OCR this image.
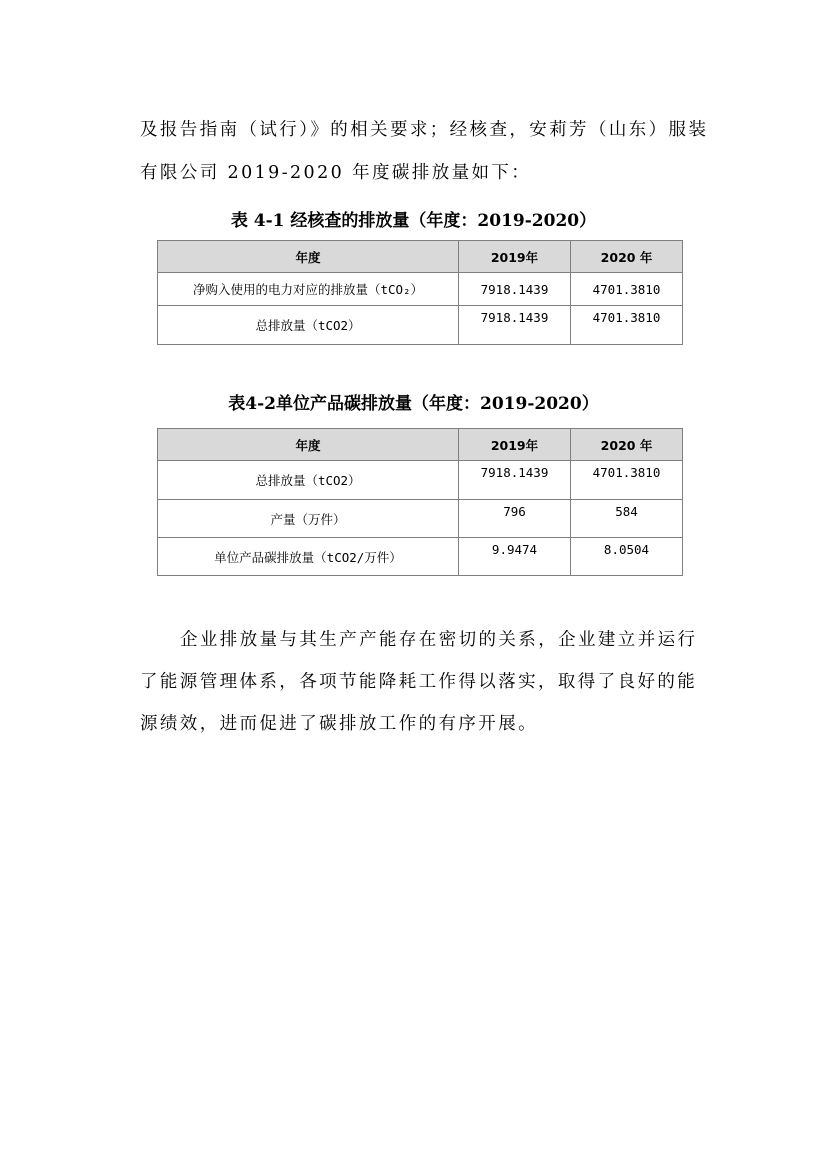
及报告指南（试行）》的相关要求；经核查，安莉芳（山东）服装

有限公司 2019-2020 年度碳排放量如下：

表 4-1 经核查的排放量（年度：2019-2020）

年度	2019年	2020 年
净购入使用的电力对应的排放量（tCO₂）	7918.1439	4701.3810
总排放量（tCO2）	7918.1439	4701.3810

表4-2单位产品碳排放量（年度：2019-2020）

年度	2019年	2020 年
总排放量（tCO2）	7918.1439	4701.3810
产量（万件）	796	584
单位产品碳排放量（tCO2/万件）	9.9474	8.0504

企业排放量与其生产产能存在密切的关系，企业建立并运行了能源管理体系，各项节能降耗工作得以落实，取得了良好的能源绩效，进而促进了碳排放工作的有序开展。
